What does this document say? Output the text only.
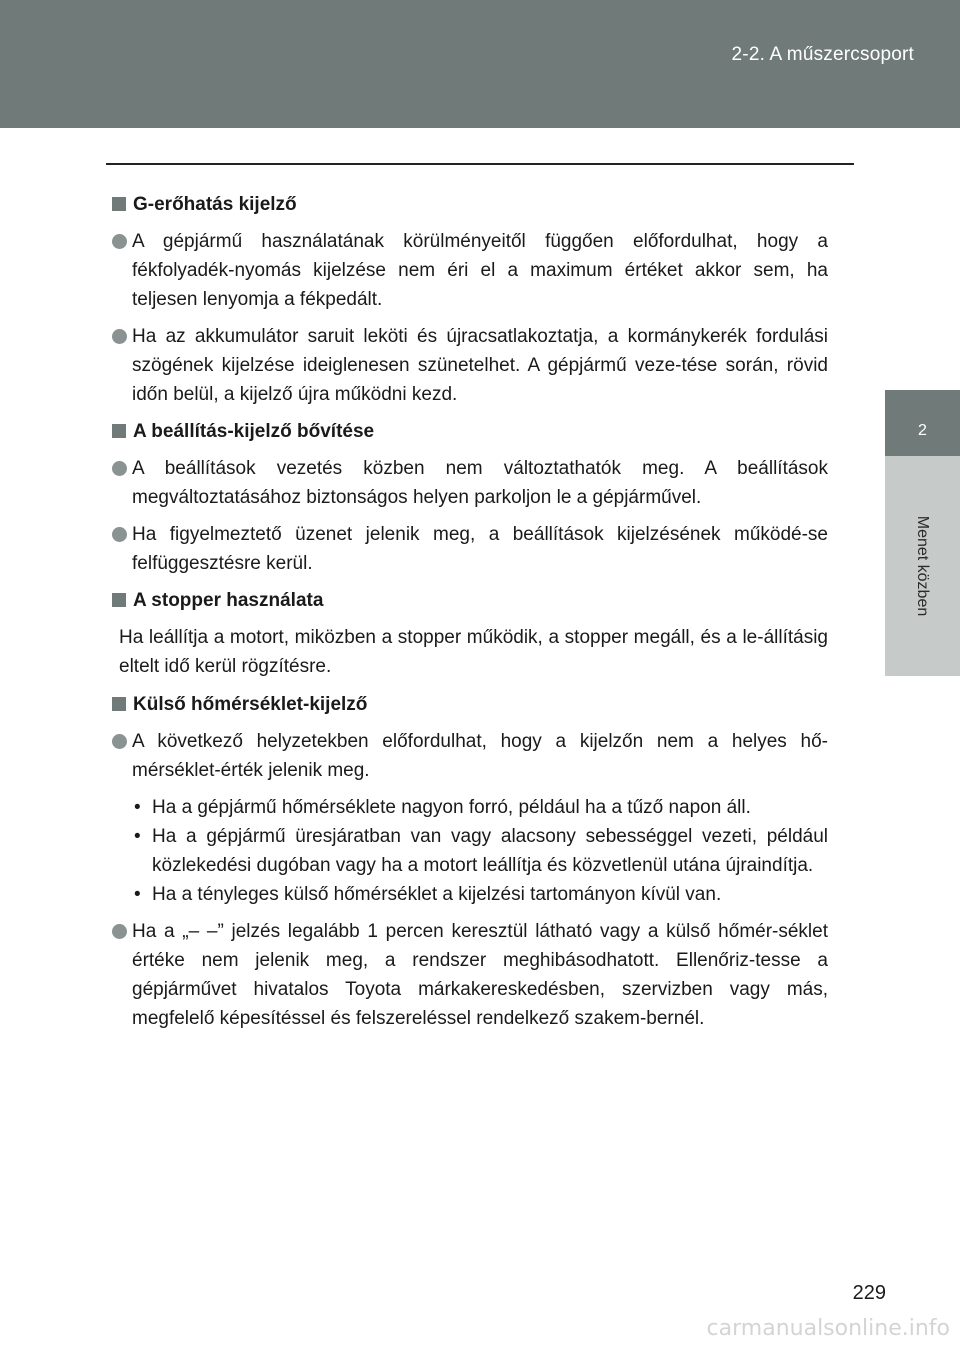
2-2. A műszercsoport
2
Menet közben
G-erőhatás kijelző
A gépjármű használatának körülményeitől függően előfordulhat, hogy a fékfolyadék-nyomás kijelzése nem éri el a maximum értéket akkor sem, ha teljesen lenyomja a fékpedált.
Ha az akkumulátor saruit leköti és újracsatlakoztatja, a kormánykerék fordulási szögének kijelzése ideiglenesen szünetelhet. A gépjármű veze-tése során, rövid időn belül, a kijelző újra működni kezd.
A beállítás-kijelző bővítése
A beállítások vezetés közben nem változtathatók meg. A beállítások megváltoztatásához biztonságos helyen parkoljon le a gépjárművel.
Ha figyelmeztető üzenet jelenik meg, a beállítások kijelzésének működé-se felfüggesztésre kerül.
A stopper használata
Ha leállítja a motort, miközben a stopper működik, a stopper megáll, és a le-állításig eltelt idő kerül rögzítésre.
Külső hőmérséklet-kijelző
A következő helyzetekben előfordulhat, hogy a kijelzőn nem a helyes hő-mérséklet-érték jelenik meg.
• Ha a gépjármű hőmérséklete nagyon forró, például ha a tűző napon áll.
• Ha a gépjármű üresjáratban van vagy alacsony sebességgel vezeti, például közlekedési dugóban vagy ha a motort leállítja és közvetlenül utána újraindítja.
• Ha a tényleges külső hőmérséklet a kijelzési tartományon kívül van.
Ha a „– –” jelzés legalább 1 percen keresztül látható vagy a külső hőmér-séklet értéke nem jelenik meg, a rendszer meghibásodhatott. Ellenőriz-tesse a gépjárművet hivatalos Toyota márkakereskedésben, szervizben vagy más, megfelelő képesítéssel és felszereléssel rendelkező szakem-bernél.
229
carmanualsonline.info
